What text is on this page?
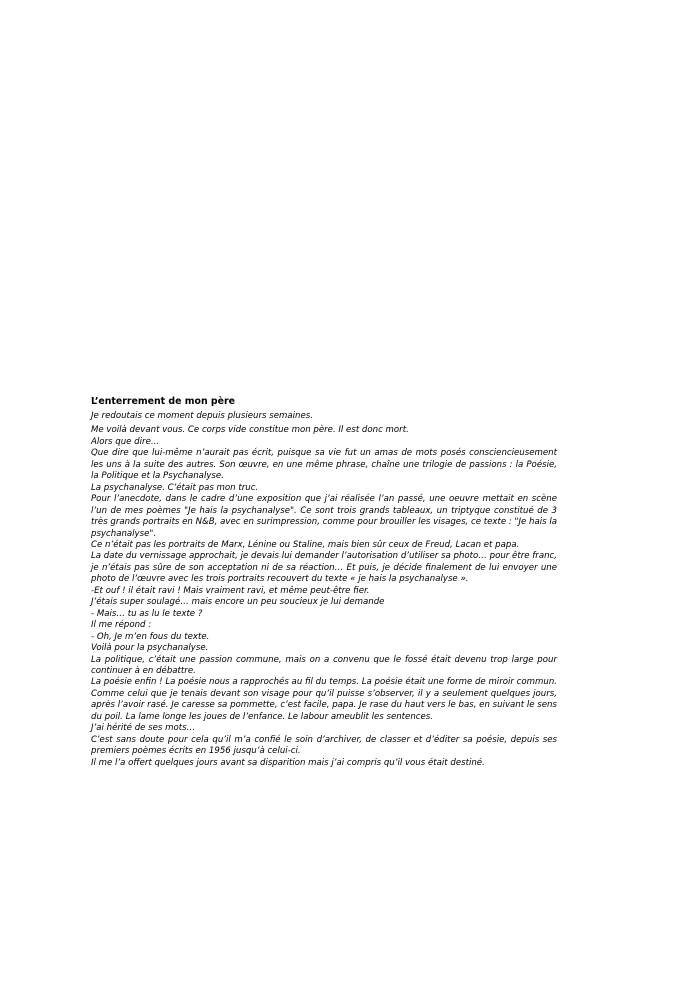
L’enterrement de mon père

Je redoutais ce moment depuis plusieurs semaines.

Me voilà devant vous. Ce corps vide constitue mon père. Il est donc mort.

Alors que dire…

Que dire que lui-même n’aurait pas écrit, puisque sa vie fut un amas de mots posés consciencieusement les uns à la suite des autres. Son œuvre, en une même phrase, chaîne une trilogie de passions : la Poésie, la Politique et la Psychanalyse.

La psychanalyse. C’était pas mon truc.

Pour l’anecdote, dans le cadre d’une exposition que j’ai réalisée l’an passé, une oeuvre mettait en scène l’un de mes poèmes "Je hais la psychanalyse". Ce sont trois grands tableaux, un triptyque constitué de 3 très grands portraits en N&B, avec en surimpression, comme pour brouiller les visages, ce texte : "Je hais la psychanalyse".

Ce n’était pas les portraits de Marx, Lénine ou Staline, mais bien sûr ceux de Freud, Lacan et papa.

La date du vernissage approchait, je devais lui demander l’autorisation d’utiliser sa photo… pour être franc, je n’étais pas sûre de son acceptation ni de sa réaction… Et puis, je décide finalement de lui envoyer une photo de l’œuvre avec les trois portraits recouvert du texte « je hais la psychanalyse ».

-Et ouf ! il était ravi ! Mais vraiment ravi, et même peut-être fier.

J’étais super soulagé… mais encore un peu soucieux je lui demande

- Mais… tu as lu le texte ?

Il me répond :

- Oh, Je m’en fous du texte.

Voilà pour la psychanalyse.

La politique, c’était une passion commune, mais on a convenu que le fossé était devenu trop large pour continuer à en débattre.

La poésie enfin ! La poésie nous a rapprochés au fil du temps. La poésie était une forme de miroir commun. Comme celui que je tenais devant son visage pour qu’il puisse s’observer, il y a seulement quelques jours, après l’avoir rasé. Je caresse sa pommette, c’est facile, papa. Je rase du haut vers le bas, en suivant le sens du poil. La lame longe les joues de l’enfance. Le labour ameublit les sentences.

J’ai hérité de ses mots…

C’est sans doute pour cela qu’il m’a confié le soin d’archiver, de classer et d’éditer sa poésie, depuis ses premiers poèmes écrits en 1956 jusqu’à celui-ci.

Il me l’a offert quelques jours avant sa disparition mais j’ai compris qu’il vous était destiné.
